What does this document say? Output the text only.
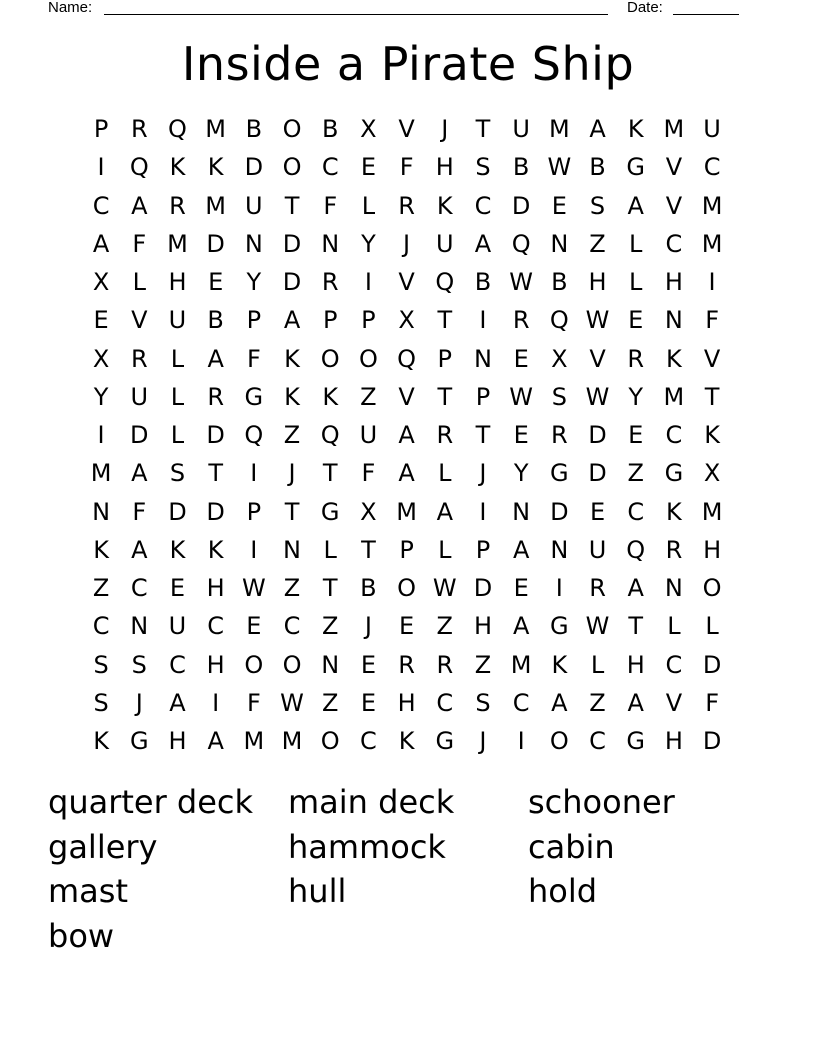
Name:	Date:
Inside a Pirate Ship
P R Q M B O B X V	J	T U M A K M U
I	Q K K D O C E F H S B W B G V C
C A R M U T F	L R K C D E S A V M
A F M D N D N Y	J	U A Q N Z L C M
X L H E Y D R	I	V Q B W B H L H	I
E V U B P A P P X T	I	R Q W E N F
X R L A F K O O Q P N E X V R K V
Y U L R G K K Z V T P W S W Y M T
I	D L D Q Z Q U A R T E R D E C K
M A S T	I	J	T F A L	J	Y G D Z G X
N F D D P T G X M A	I	N D E C K M
K A K K	I	N L	T P	L	P A N U Q R H
Z C E H W Z T B O W D E	I	R A N O
C N U C E C Z	J	E Z H A G W T	L	L
S S C H O O N E R R Z M K L H C D
S	J	A	I	F W Z E H C S C A Z A V F
K G H A M M O C K G	J	I	O C G H D
quarter deck	main deck	schooner
gallery	hammock	cabin
mast	hull	hold
bow
